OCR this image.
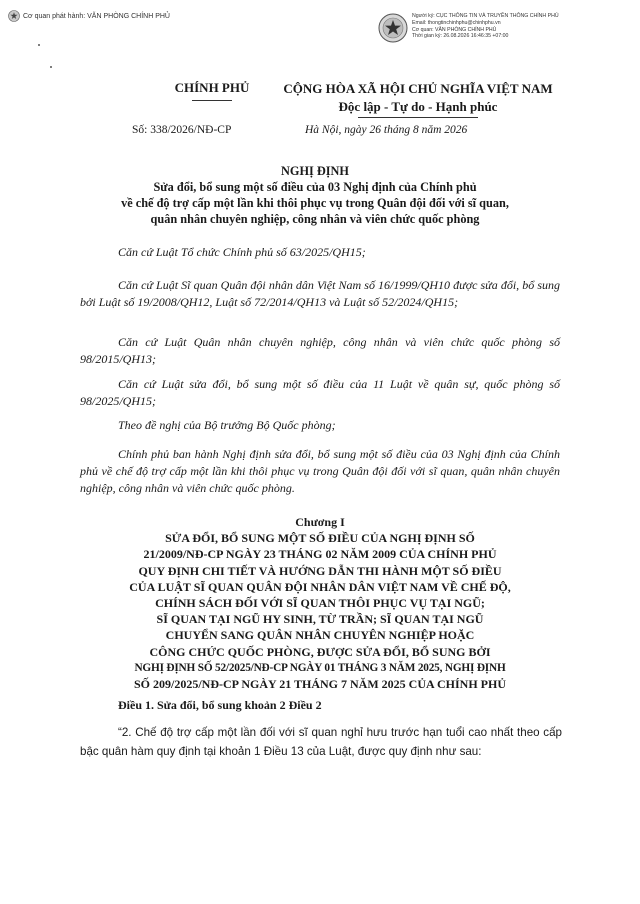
Cơ quan phát hành: VĂN PHÒNG CHÍNH PHỦ	Người ký: CỤC THÔNG TIN VÀ TRUYỀN THÔNG CHÍNH PHỦ
Email: thongtinchinhphu@chinhphu.vn
Cơ quan: VĂN PHÒNG CHÍNH PHỦ
Thời gian ký: 26.08.2026 16:46:35 +07:00
CHÍNH PHỦ	CỘNG HÒA XÃ HỘI CHỦ NGHĨA VIỆT NAM
Độc lập - Tự do - Hạnh phúc
Số: 338/2026/NĐ-CP	Hà Nội, ngày 26 tháng 8 năm 2026
NGHỊ ĐỊNH
Sửa đổi, bổ sung một số điều của 03 Nghị định của Chính phủ
về chế độ trợ cấp một lần khi thôi phục vụ trong Quân đội đối với sĩ quan,
quân nhân chuyên nghiệp, công nhân và viên chức quốc phòng
Căn cứ Luật Tổ chức Chính phủ số 63/2025/QH15;
Căn cứ Luật Sĩ quan Quân đội nhân dân Việt Nam số 16/1999/QH10 được sửa đổi, bổ sung bởi Luật số 19/2008/QH12, Luật số 72/2014/QH13 và Luật số 52/2024/QH15;
Căn cứ Luật Quân nhân chuyên nghiệp, công nhân và viên chức quốc phòng số 98/2015/QH13;
Căn cứ Luật sửa đổi, bổ sung một số điều của 11 Luật về quân sự, quốc phòng số 98/2025/QH15;
Theo đề nghị của Bộ trưởng Bộ Quốc phòng;
Chính phủ ban hành Nghị định sửa đổi, bổ sung một số điều của 03 Nghị định của Chính phủ về chế độ trợ cấp một lần khi thôi phục vụ trong Quân đội đối với sĩ quan, quân nhân chuyên nghiệp, công nhân và viên chức quốc phòng.
Chương I
SỬA ĐỔI, BỔ SUNG MỘT SỐ ĐIỀU CỦA NGHỊ ĐỊNH SỐ
21/2009/NĐ-CP NGÀY 23 THÁNG 02 NĂM 2009 CỦA CHÍNH PHỦ
QUY ĐỊNH CHI TIẾT VÀ HƯỚNG DẪN THI HÀNH MỘT SỐ ĐIỀU
CỦA LUẬT SĨ QUAN QUÂN ĐỘI NHÂN DÂN VIỆT NAM VỀ CHẾ ĐỘ,
CHÍNH SÁCH ĐỐI VỚI SĨ QUAN THÔI PHỤC VỤ TẠI NGŨ;
SĨ QUAN TẠI NGŨ HY SINH, TỪ TRẦN; SĨ QUAN TẠI NGŨ
CHUYỂN SANG QUÂN NHÂN CHUYÊN NGHIỆP HOẶC
CÔNG CHỨC QUỐC PHÒNG, ĐƯỢC SỬA ĐỔI, BỔ SUNG BỞI
NGHỊ ĐỊNH SỐ 52/2025/NĐ-CP NGÀY 01 THÁNG 3 NĂM 2025, NGHỊ ĐỊNH
SỐ 209/2025/NĐ-CP NGÀY 21 THÁNG 7 NĂM 2025 CỦA CHÍNH PHỦ
Điều 1. Sửa đổi, bổ sung khoản 2 Điều 2
“2. Chế độ trợ cấp một lần đối với sĩ quan nghỉ hưu trước hạn tuổi cao nhất theo cấp bậc quân hàm quy định tại khoản 1 Điều 13 của Luật, được quy định như sau:
